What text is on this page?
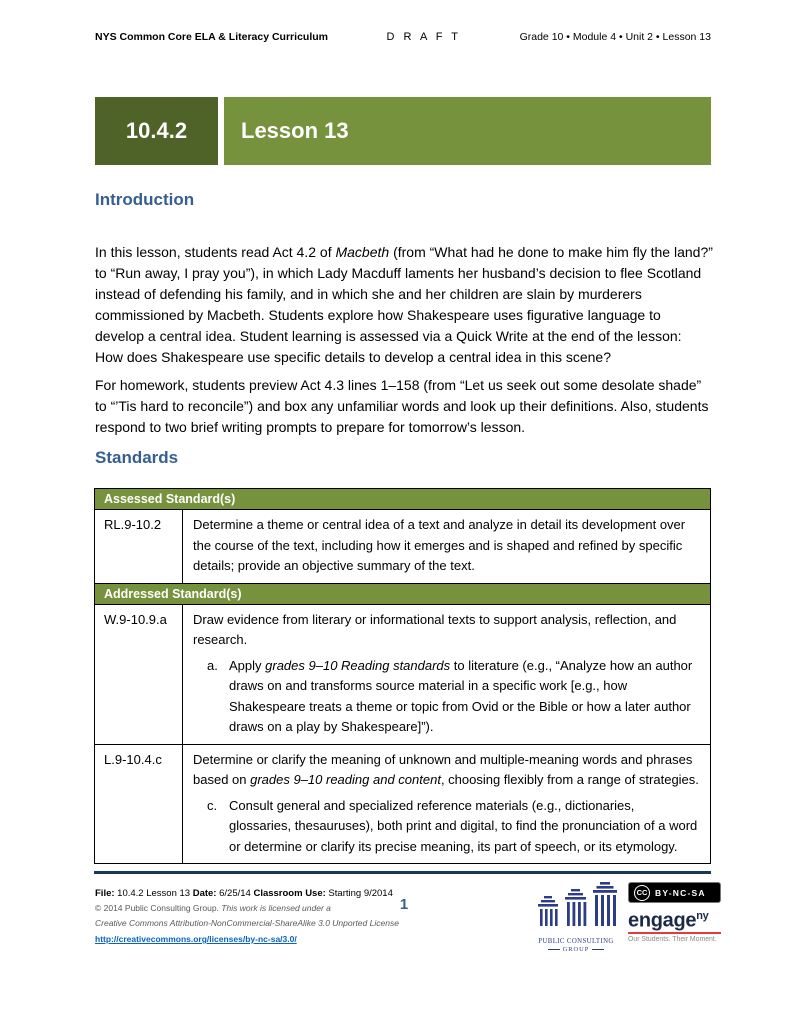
NYS Common Core ELA & Literacy Curriculum	D R A F T	Grade 10 • Module 4 • Unit 2 • Lesson 13
10.4.2	Lesson 13
Introduction

In this lesson, students read Act 4.2 of Macbeth (from “What had he done to make him fly the land?” to “Run away, I pray you”), in which Lady Macduff laments her husband’s decision to flee Scotland instead of defending his family, and in which she and her children are slain by murderers commissioned by Macbeth. Students explore how Shakespeare uses figurative language to develop a central idea. Student learning is assessed via a Quick Write at the end of the lesson: How does Shakespeare use specific details to develop a central idea in this scene?

For homework, students preview Act 4.3 lines 1–158 (from “Let us seek out some desolate shade” to “’Tis hard to reconcile”) and box any unfamiliar words and look up their definitions. Also, students respond to two brief writing prompts to prepare for tomorrow’s lesson.

Standards
Assessed Standard(s)	
RL.9-10.2	Determine a theme or central idea of a text and analyze in detail its development over the course of the text, including how it emerges and is shaped and refined by specific details; provide an objective summary of the text.

Addressed Standard(s)	
W.9-10.9.a	Draw evidence from literary or informational texts to support analysis, reflection, and research.
a. Apply grades 9–10 Reading standards to literature (e.g., “Analyze how an author draws on and transforms source material in a specific work [e.g., how Shakespeare treats a theme or topic from Ovid or the Bible or how a later author draws on a play by Shakespeare]”).

L.9-10.4.c	Determine or clarify the meaning of unknown and multiple-meaning words and phrases based on grades 9–10 reading and content, choosing flexibly from a range of strategies.
c. Consult general and specialized reference materials (e.g., dictionaries, glossaries, thesauruses), both print and digital, to find the pronunciation of a word or determine or clarify its precise meaning, its part of speech, or its etymology.
File: 10.4.2 Lesson 13 Date: 6/25/14 Classroom Use: Starting 9/2014
© 2014 Public Consulting Group. This work is licensed under a
Creative Commons Attribution-NonCommercial-ShareAlike 3.0 Unported License
http://creativecommons.org/licenses/by-nc-sa/3.0/
1
PUBLIC CONSULTING
GROUP
CC BY-NC-SA
engage$^{ny}$
Our Students. Their Moment.
